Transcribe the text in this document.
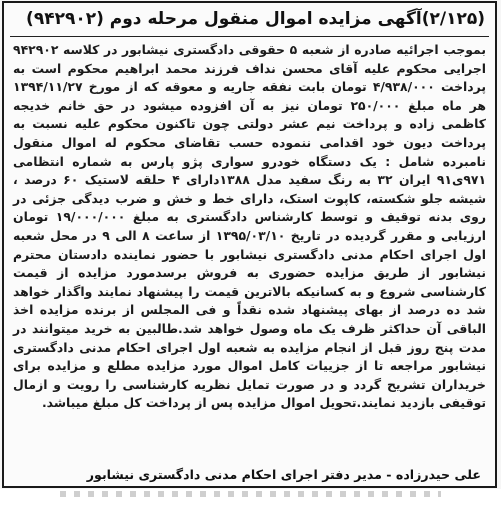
(۲/۱۲۵)آگهی مزایده اموال منقول مرحله دوم (۹۴۲۹۰۲)

بموجب اجرائیه صادره از شعبه ۵ حقوقی دادگستری نیشابور در کلاسه ۹۴۲۹۰۲ اجرایی محکوم علیه آقای محسن نداف فرزند محمد ابراهیم محکوم است به پرداخت ۴/۹۳۸/۰۰۰ تومان بابت نفقه جاریه و معوقه که از مورخ ۱۳۹۴/۱۱/۲۷ هر ماه مبلغ ۲۵۰/۰۰۰ تومان نیز به آن افزوده میشود در حق خانم خدیجه کاظمی زاده و پرداخت نیم عشر دولتی چون تاکنون محکوم علیه نسبت به پرداخت دیون خود اقدامی ننموده حسب تقاضای محکوم له اموال منقول نامبرده شامل : یک دستگاه خودرو سواری پژو پارس به شماره انتظامی ۹۷۱ی۹۱ ایران ۳۲ به رنگ سفید مدل ۱۳۸۸دارای ۴ حلقه لاستیک ۶۰ درصد ، شیشه جلو شکسته، کاپوت استک، دارای خط و خش و ضرب دیدگی جزئی در روی بدنه توقیف و توسط کارشناس دادگستری به مبلغ ۱۹/۰۰۰/۰۰۰ تومان ارزیابی و مقرر گردیده در تاریخ ۱۳۹۵/۰۳/۱۰ از ساعت ۸ الی ۹ در محل شعبه اول اجرای احکام مدنی دادگستری نیشابور با حضور نماینده دادستان محترم نیشابور از طریق مزایده حضوری به فروش برسدمورد مزایده از قیمت کارشناسی شروع و به کسانیکه بالاترین قیمت را پیشنهاد نمایند واگذار خواهد شد ده درصد از بهای پیشنهاد شده نقداً و فی المجلس از برنده مزایده اخذ الباقی آن حداکثر ظرف یک ماه وصول خواهد شد.طالبین به خرید میتوانند در مدت پنج روز قبل از انجام مزایده به شعبه اول اجرای احکام مدنی دادگستری نیشابور مراجعه تا از جزییات کامل اموال مورد مزایده مطلع و مزایده برای خریداران تشریح گردد و در صورت تمایل نظریه کارشناسی را رویت و ازمال توقیفی بازدید نمایند.تحویل اموال مزایده پس از پرداخت کل مبلغ میباشد.

علی حیدرزاده - مدیر دفتر اجرای احکام مدنی دادگستری نیشابور
